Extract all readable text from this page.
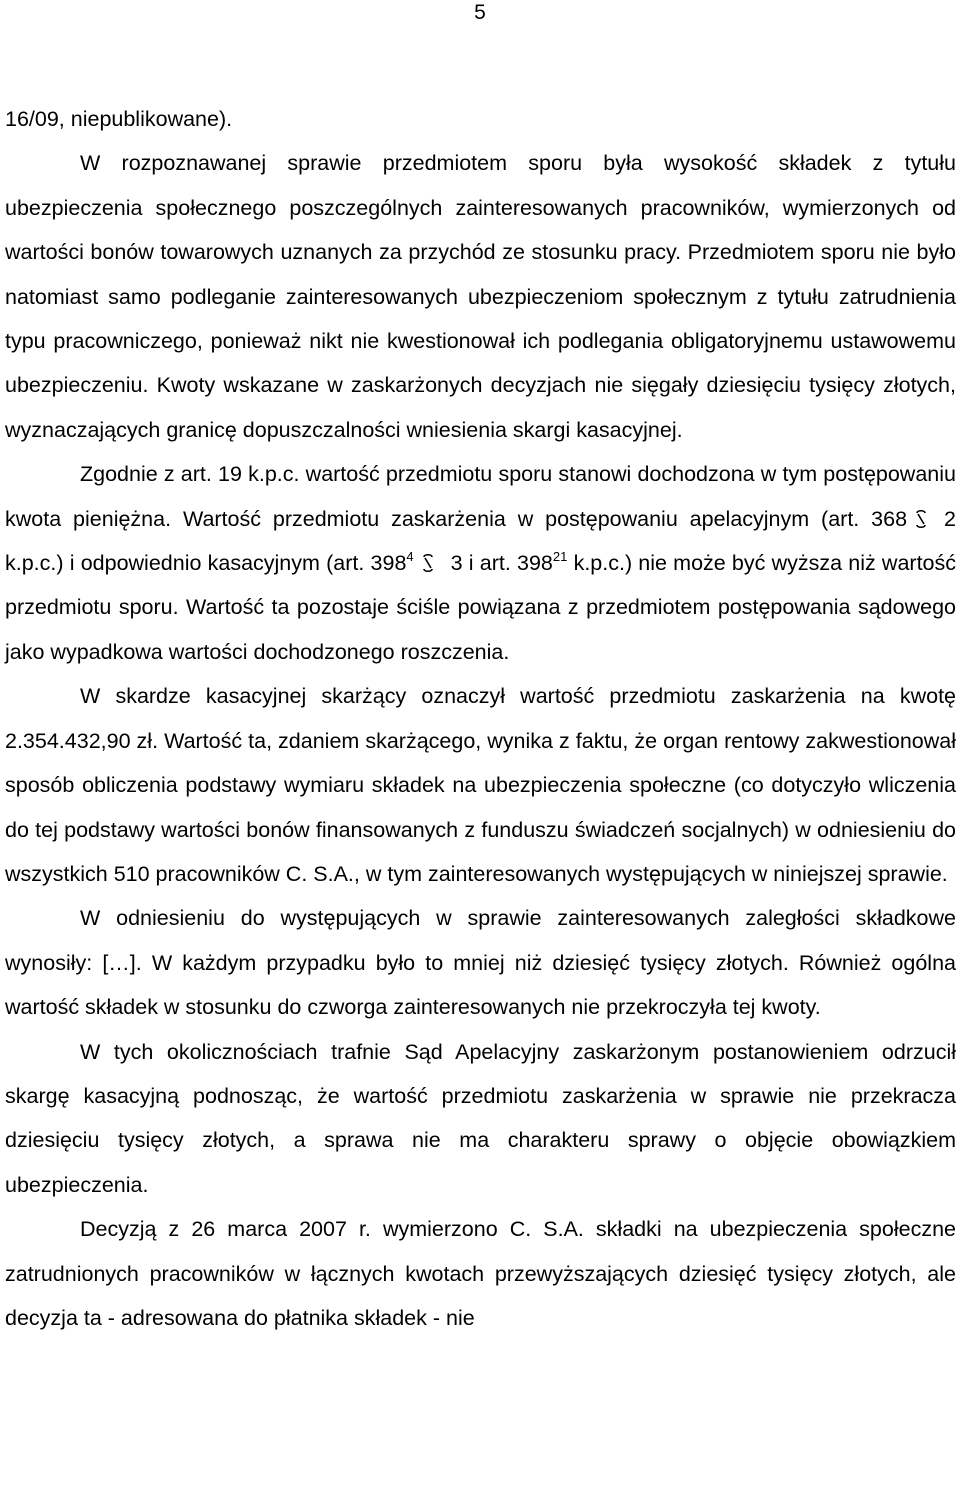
5

16/09, niepublikowane).

W rozpoznawanej sprawie przedmiotem sporu była wysokość składek z tytułu ubezpieczenia społecznego poszczególnych zainteresowanych pracowników, wymierzonych od wartości bonów towarowych uznanych za przychód ze stosunku pracy. Przedmiotem sporu nie było natomiast samo podleganie zainteresowanych ubezpieczeniom społecznym z tytułu zatrudnienia typu pracowniczego, ponieważ nikt nie kwestionował ich podlegania obligatoryjnemu ustawowemu ubezpieczeniu. Kwoty wskazane w zaskarżonych decyzjach nie sięgały dziesięciu tysięcy złotych, wyznaczających granicę dopuszczalności wniesienia skargi kasacyjnej.

Zgodnie z art. 19 k.p.c. wartość przedmiotu sporu stanowi dochodzona w tym postępowaniu kwota pieniężna. Wartość przedmiotu zaskarżenia w postępowaniu apelacyjnym (art. 368 2 k.p.c.) i odpowiednio kasacyjnym (art. $398^4$ 3 i art. $398^{21}$ k.p.c.) nie może być wyższa niż wartość przedmiotu sporu. Wartość ta pozostaje ściśle powiązana z przedmiotem postępowania sądowego jako wypadkowa wartości dochodzonego roszczenia.

W skardze kasacyjnej skarżący oznaczył wartość przedmiotu zaskarżenia na kwotę 2.354.432,90 zł. Wartość ta, zdaniem skarżącego, wynika z faktu, że organ rentowy zakwestionował sposób obliczenia podstawy wymiaru składek na ubezpieczenia społeczne (co dotyczyło wliczenia do tej podstawy wartości bonów finansowanych z funduszu świadczeń socjalnych) w odniesieniu do wszystkich 510 pracowników C. S.A., w tym zainteresowanych występujących w niniejszej sprawie.

W odniesieniu do występujących w sprawie zainteresowanych zaległości składkowe wynosiły: […]. W każdym przypadku było to mniej niż dziesięć tysięcy złotych. Również ogólna wartość składek w stosunku do czworga zainteresowanych nie przekroczyła tej kwoty.

W tych okolicznościach trafnie Sąd Apelacyjny zaskarżonym postanowieniem odrzucił skargę kasacyjną podnosząc, że wartość przedmiotu zaskarżenia w sprawie nie przekracza dziesięciu tysięcy złotych, a sprawa nie ma charakteru sprawy o objęcie obowiązkiem ubezpieczenia.

Decyzją z 26 marca 2007 r. wymierzono C. S.A. składki na ubezpieczenia społeczne zatrudnionych pracowników w łącznych kwotach przewyższających dziesięć tysięcy złotych, ale decyzja ta - adresowana do płatnika składek - nie
